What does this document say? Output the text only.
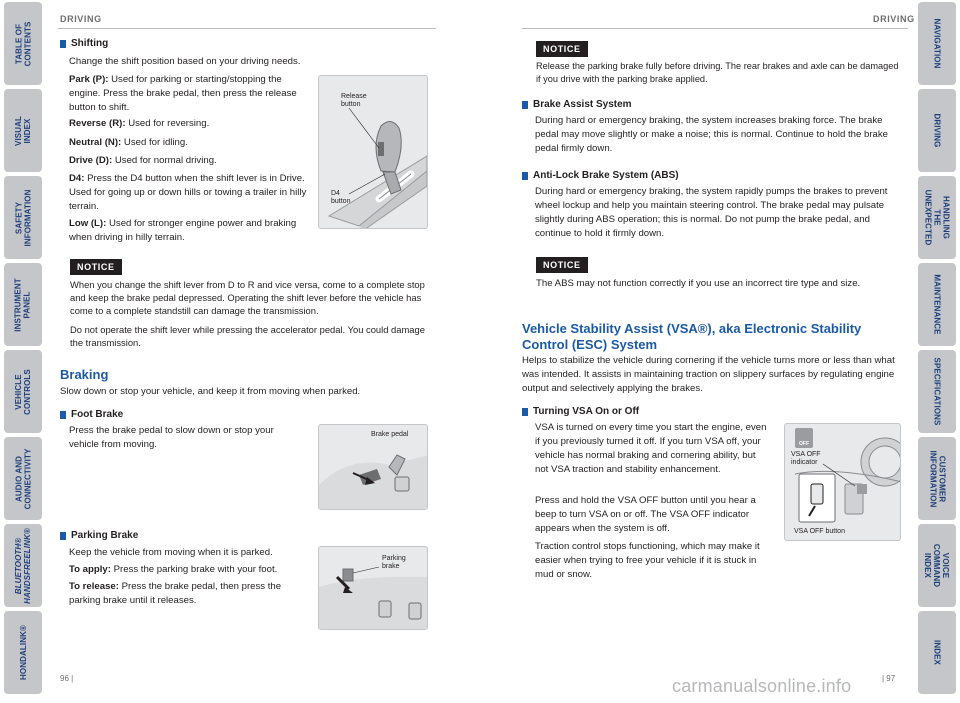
TABLE OF CONTENTS
VISUAL INDEX
SAFETY
INFORMATION
INSTRUMENT PANEL
VEHICLE
CONTROLS
AUDIO AND
CONNECTIVITY
BLUETOOTH®
HANDSFREELINK®
HONDALINK®
NAVIGATION
DRIVING
HANDLING THE
UNEXPECTED
MAINTENANCE
SPECIFICATIONS
CUSTOMER
INFORMATION
VOICE COMMAND
INDEX
INDEX
DRIVING
Shifting
Change the shift position based on your driving needs.
Park (P): Used for parking or starting/stopping the engine. Press the brake pedal, then press the release button to shift.
Reverse (R): Used for reversing.
Neutral (N): Used for idling.
Drive (D): Used for normal driving.
D4: Press the D4 button when the shift lever is in Drive. Used for going up or down hills or towing a trailer in hilly terrain.
Low (L): Used for stronger engine power and braking when driving in hilly terrain.
Release
button
D4
button
NOTICE
When you change the shift lever from D to R and vice versa, come to a complete stop and keep the brake pedal depressed. Operating the shift lever before the vehicle has come to a complete standstill can damage the transmission.
Do not operate the shift lever while pressing the accelerator pedal. You could damage the transmission.
Braking
Slow down or stop your vehicle, and keep it from moving when parked.
Foot Brake
Press the brake pedal to slow down or stop your vehicle from moving.
Brake pedal
Parking Brake
Keep the vehicle from moving when it is parked.
To apply: Press the parking brake with your foot.
To release: Press the brake pedal, then press the parking brake until it releases.
Parking
brake
96 |
DRIVING
NOTICE
Release the parking brake fully before driving. The rear brakes and axle can be damaged if you drive with the parking brake applied.
Brake Assist System
During hard or emergency braking, the system increases braking force. The brake pedal may move slightly or make a noise; this is normal. Continue to hold the brake pedal firmly down.
Anti-Lock Brake System (ABS)
During hard or emergency braking, the system rapidly pumps the brakes to prevent wheel lockup and help you maintain steering control. The brake pedal may pulsate slightly during ABS operation; this is normal. Do not pump the brake pedal, and continue to hold it firmly down.
NOTICE
The ABS may not function correctly if you use an incorrect tire type and size.
Vehicle Stability Assist (VSA®), aka Electronic Stability Control (ESC) System
Helps to stabilize the vehicle during cornering if the vehicle turns more or less than what was intended. It assists in maintaining traction on slippery surfaces by regulating engine output and selectively applying the brakes.
Turning VSA On or Off
VSA is turned on every time you start the engine, even if you previously turned it off. If you turn VSA off, your vehicle has normal braking and cornering ability, but not VSA traction and stability enhancement.
Press and hold the VSA OFF button until you hear a beep to turn VSA on or off. The VSA OFF indicator appears when the system is off.
Traction control stops functioning, which may make it easier when trying to free your vehicle if it is stuck in mud or snow.
OFF
VSA OFF
indicator
VSA OFF button
| 97
carmanualsonline.info
